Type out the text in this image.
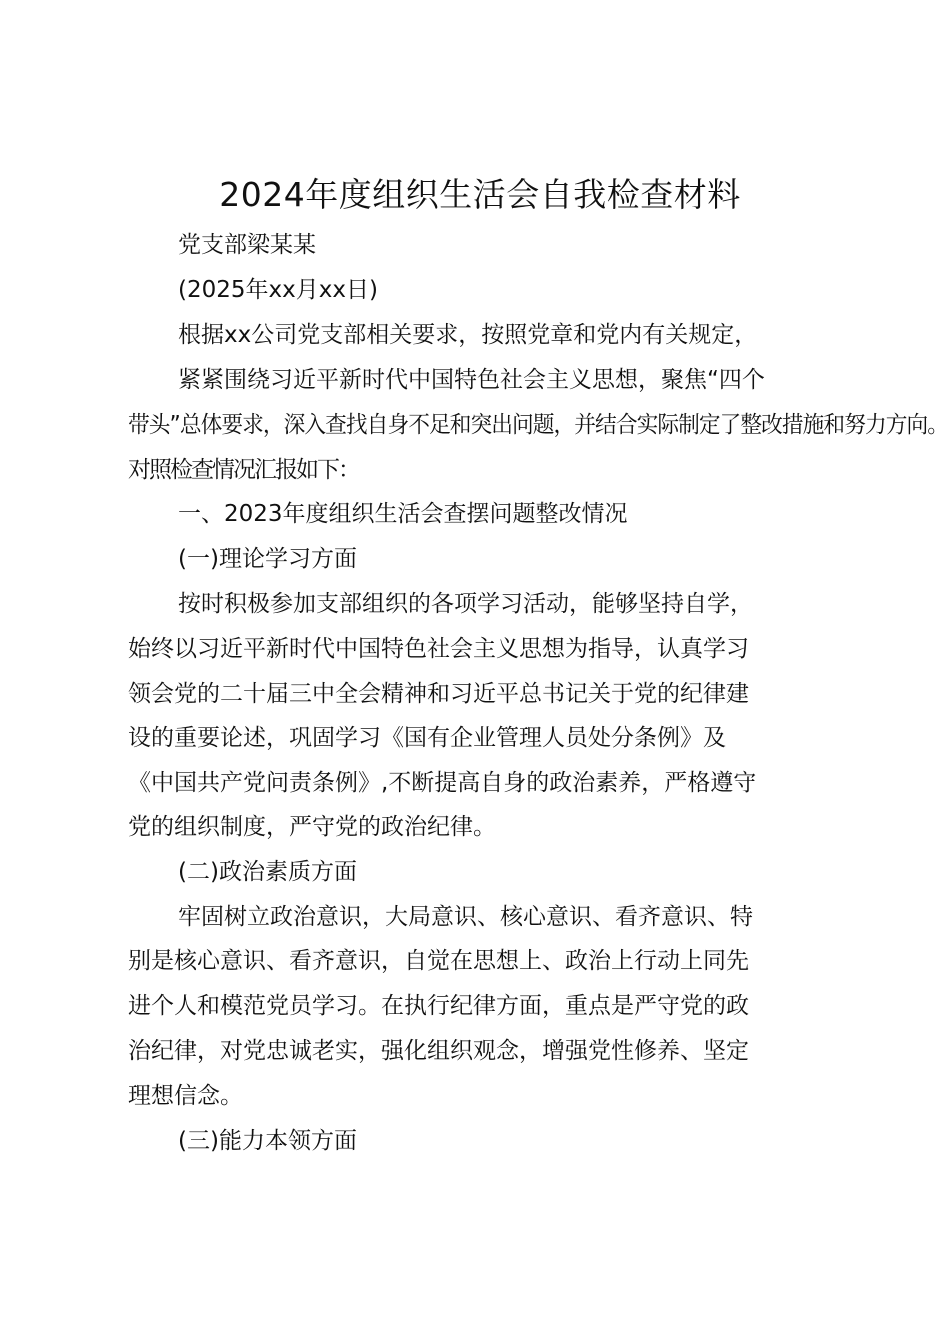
2024年度组织生活会自我检查材料
党支部梁某某
(2025年xx月xx日)
根据xx公司党支部相关要求，按照党章和党内有关规定，
紧紧围绕习近平新时代中国特色社会主义思想，聚焦“四个
带头”总体要求，深入查找自身不足和突出问题，并结合实际制定了整改措施和努力方向。
对照检查情况汇报如下：
一、2023年度组织生活会查摆问题整改情况
(一)理论学习方面
按时积极参加支部组织的各项学习活动，能够坚持自学，
始终以习近平新时代中国特色社会主义思想为指导，认真学习
领会党的二十届三中全会精神和习近平总书记关于党的纪律建
设的重要论述，巩固学习《国有企业管理人员处分条例》及
《中国共产党问责条例》,不断提高自身的政治素养，严格遵守
党的组织制度，严守党的政治纪律。
(二)政治素质方面
牢固树立政治意识，大局意识、核心意识、看齐意识、特
别是核心意识、看齐意识，自觉在思想上、政治上行动上同先
进个人和模范党员学习。在执行纪律方面，重点是严守党的政
治纪律，对党忠诚老实，强化组织观念，增强党性修养、坚定
理想信念。
(三)能力本领方面
